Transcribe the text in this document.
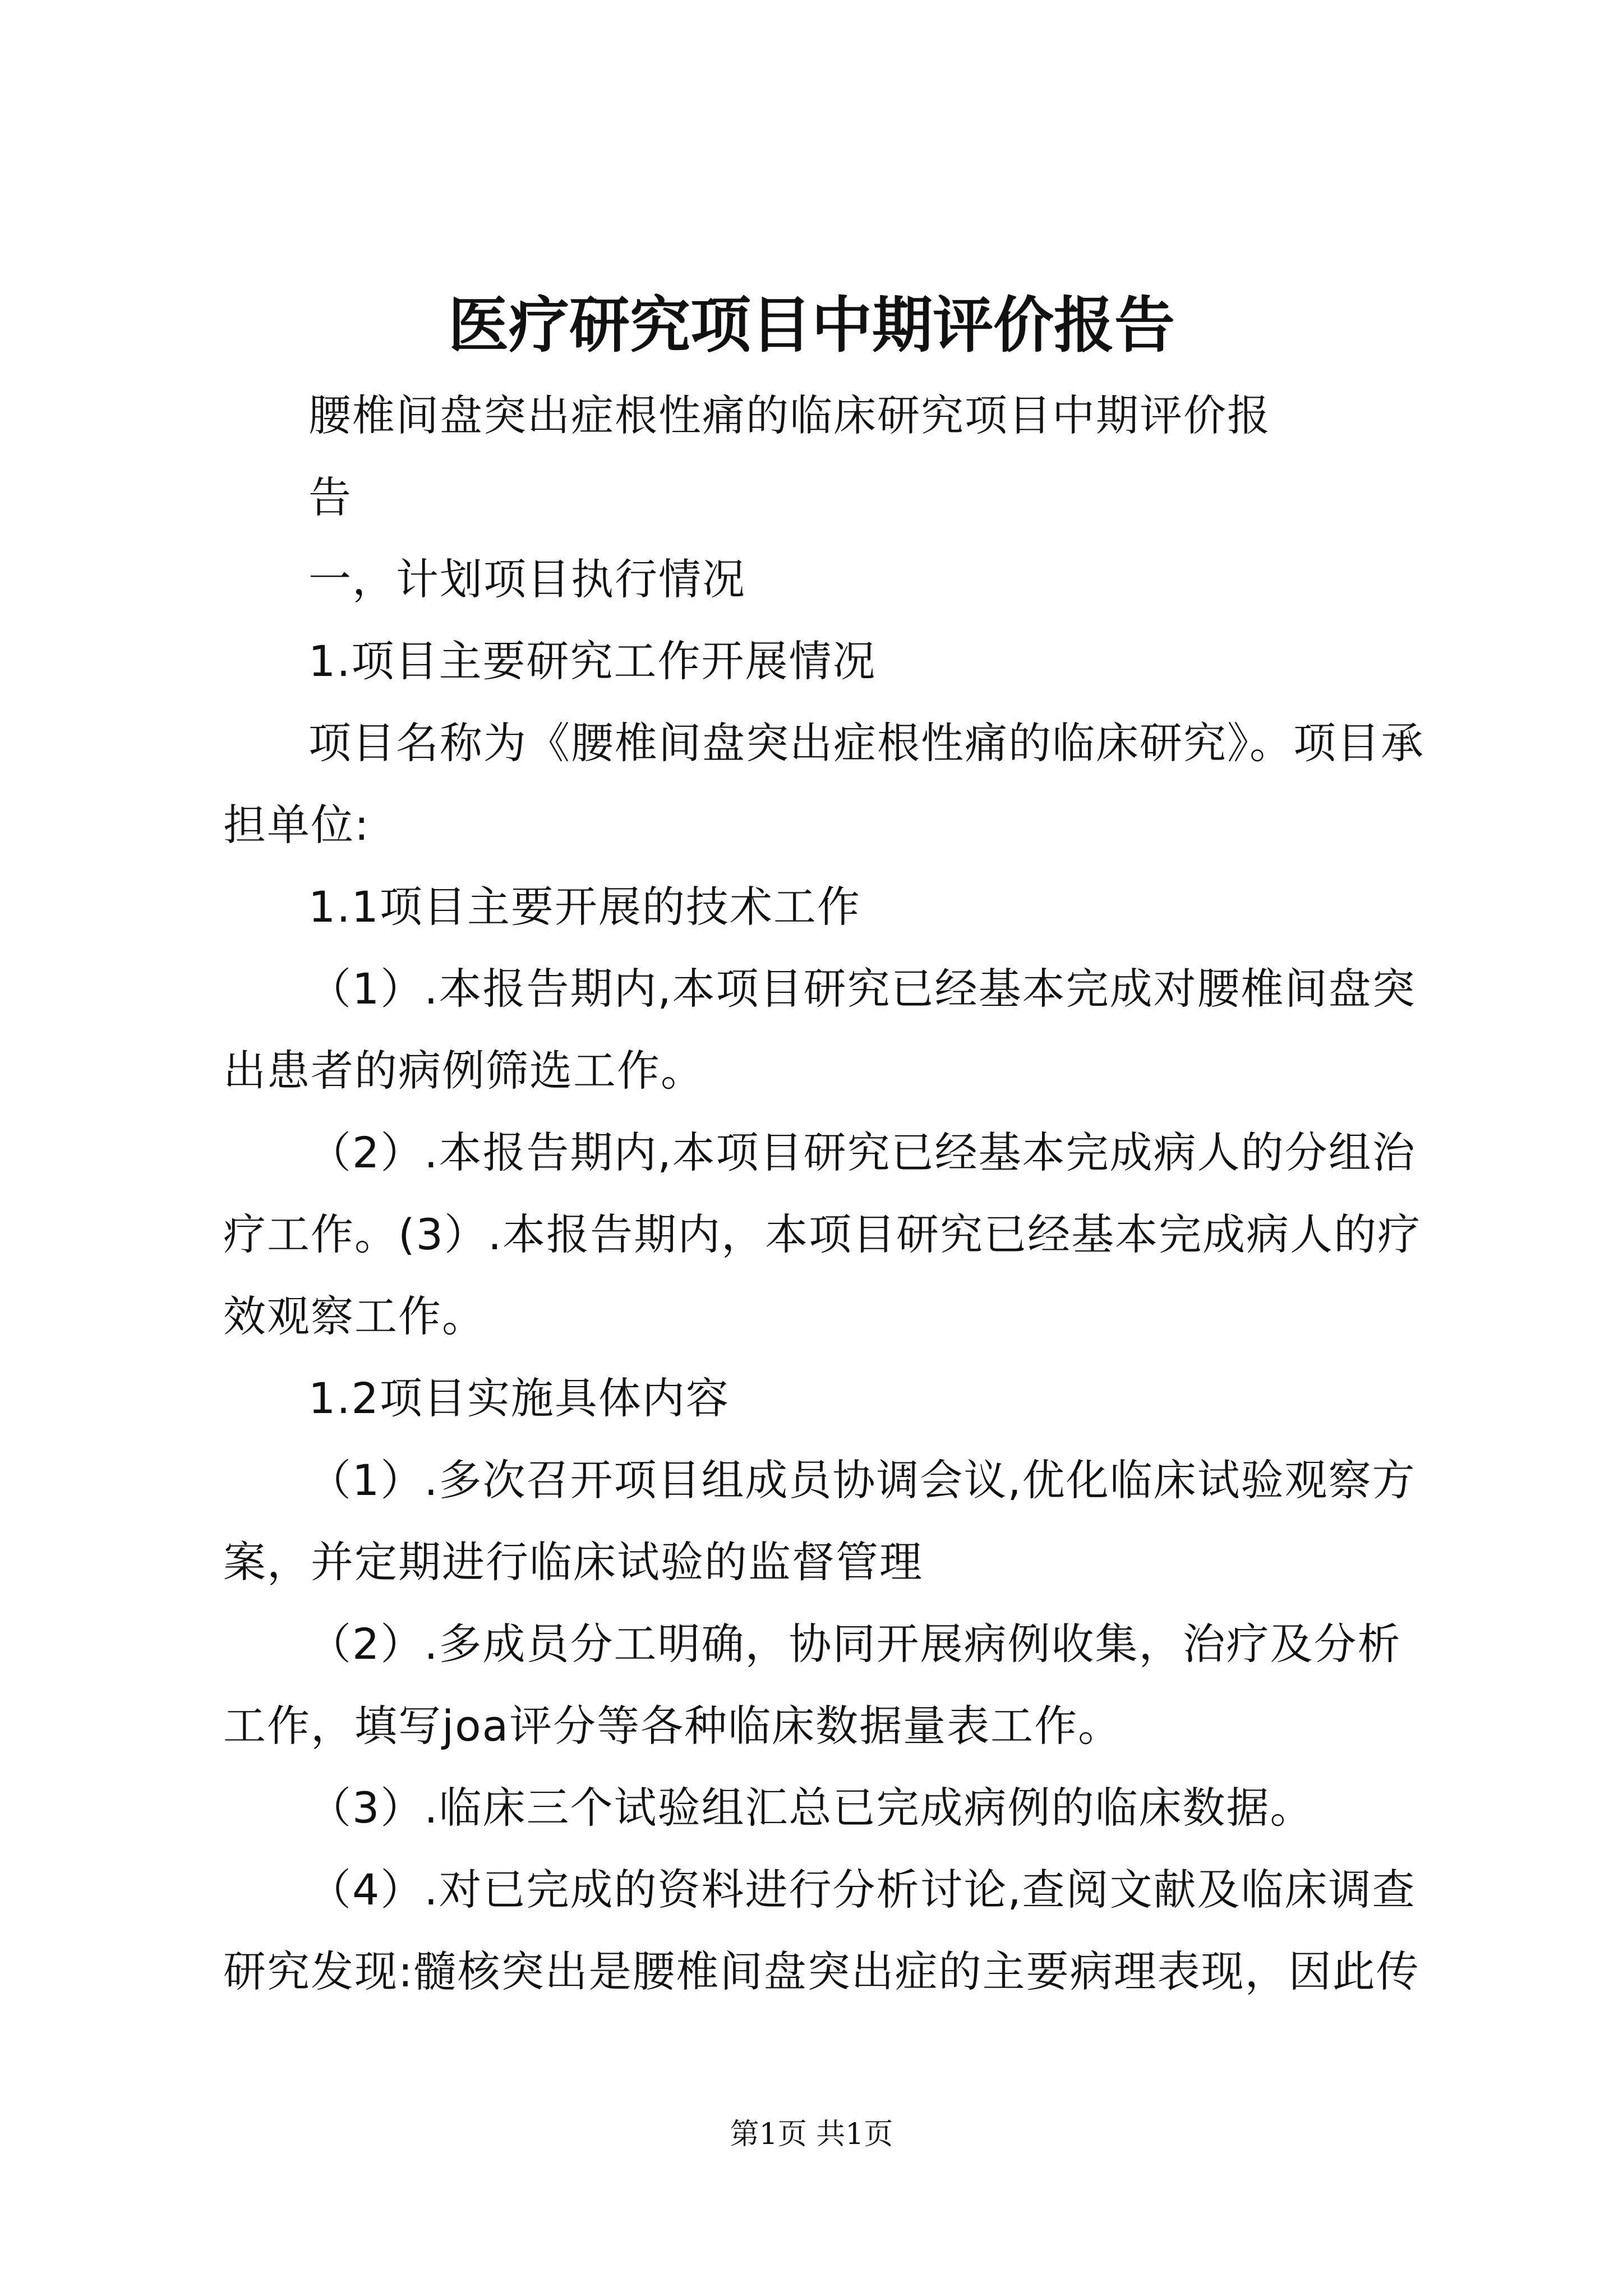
医疗研究项目中期评价报告

腰椎间盘突出症根性痛的临床研究项目中期评价报

告

一，计划项目执行情况

1.项目主要研究工作开展情况

项目名称为《腰椎间盘突出症根性痛的临床研究》。项目承担单位:

1.1项目主要开展的技术工作

（1）.本报告期内,本项目研究已经基本完成对腰椎间盘突出患者的病例筛选工作。

（2）.本报告期内,本项目研究已经基本完成病人的分组治疗工作。(3）.本报告期内，本项目研究已经基本完成病人的疗效观察工作。

1.2项目实施具体内容

（1）.多次召开项目组成员协调会议,优化临床试验观察方案，并定期进行临床试验的监督管理

（2）.多成员分工明确，协同开展病例收集，治疗及分析工作，填写joa评分等各种临床数据量表工作。

（3）.临床三个试验组汇总已完成病例的临床数据。

（4）.对已完成的资料进行分析讨论,查阅文献及临床调查研究发现:髓核突出是腰椎间盘突出症的主要病理表现，因此传

第1页 共1页
